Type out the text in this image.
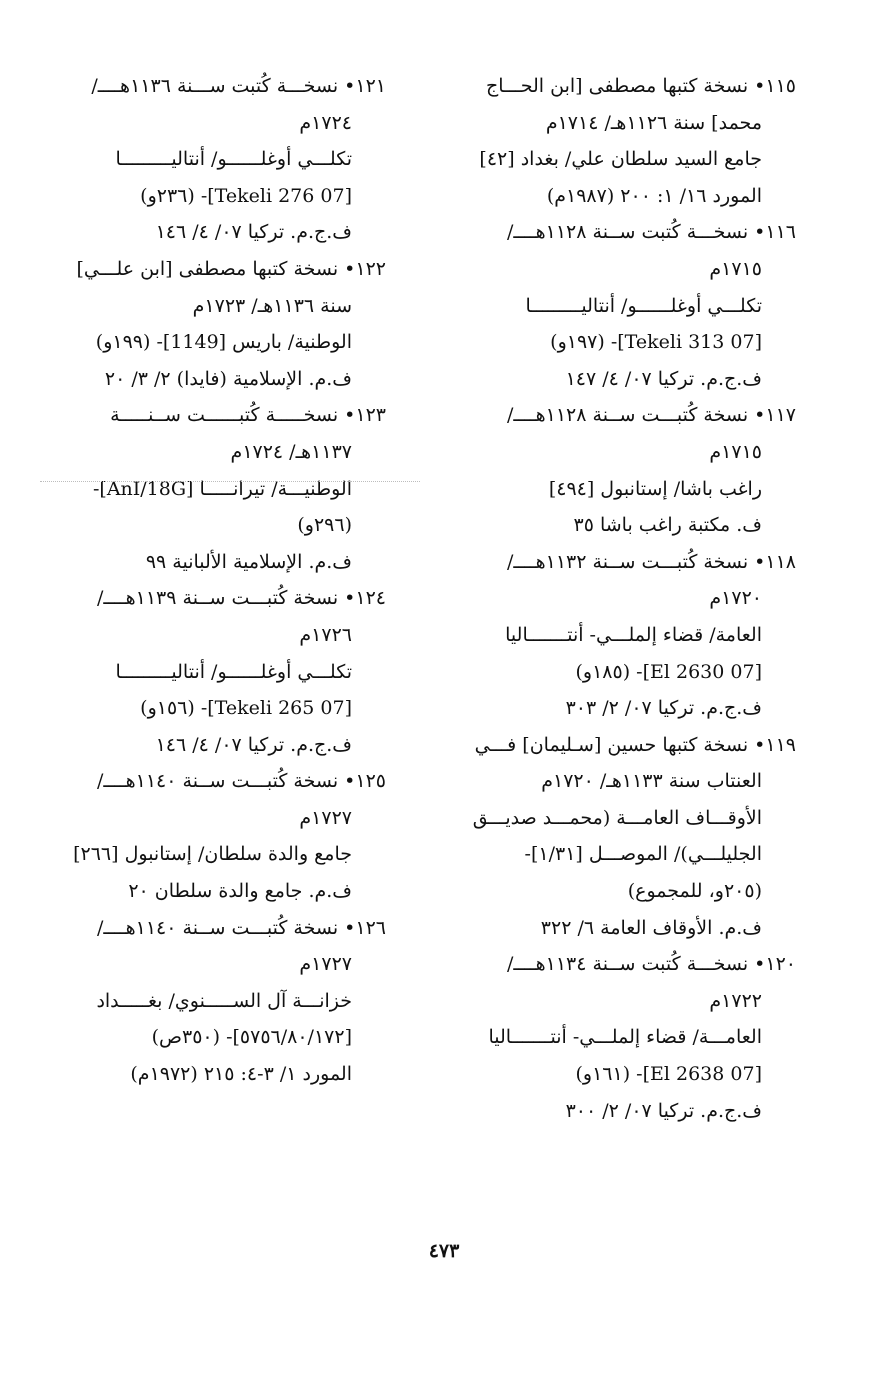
١١٥• نسخة كتبها مصطفى [ابن الحـــاج
محمد] سنة ١١٢٦هـ/ ١٧١٤م
جامع السيد سلطان علي/ بغداد [٤٢]
المورد ١٦/ ١: ٢٠٠ (١٩٨٧م)
١١٦• نسخـــة كُتبت ســنة ١١٢٨هــــ/
١٧١٥م
تكلـــي أوغلــــــو/ أنتاليـــــــــا
[07 Tekeli 313]- (١٩٧و)
ف.ج.م. تركيا ٠٧/ ٤/ ١٤٧
١١٧• نسخة كُتبـــت ســنة ١١٢٨هــــ/
١٧١٥م
راغب باشا/ إستانبول [٤٩٤]
ف. مكتبة راغب باشا ٣٥
١١٨• نسخة كُتبـــت ســنة ١١٣٢هــــ/
١٧٢٠م
العامة/ قضاء إلملـــي- أنتـــــــاليا
[07 El 2630]- (١٨٥و)
ف.ج.م. تركيا ٠٧/ ٢/ ٣٠٣
١١٩• نسخة كتبها حسين [سـليمان] فـــي
العنتاب سنة ١١٣٣هـ/ ١٧٢٠م
الأوقـــاف العامـــة (محمـــد صديـــق
الجليلـــي)/ الموصـــل [١/٣١]-
(٢٠٥و، للمجموع)
ف.م. الأوقاف العامة ٦/ ٣٢٢
١٢٠• نسخـــة كُتبت ســنة ١١٣٤هــــ/
١٧٢٢م
العامـــة/ قضاء إلملـــي- أنتـــــــاليا
[07 El 2638]- (١٦١و)
ف.ج.م. تركيا ٠٧/ ٢/ ٣٠٠
١٢١• نسخـــة كُتبت ســـنة ١١٣٦هــــ/
١٧٢٤م
تكلـــي أوغلــــــو/ أنتاليـــــــــا
[07 Tekeli 276]- (٢٣٦و)
ف.ج.م. تركيا ٠٧/ ٤/ ١٤٦
١٢٢• نسخة كتبها مصطفى [ابن علـــي]
سنة ١١٣٦هـ/ ١٧٢٣م
الوطنية/ باريس [1149]- (١٩٩و)
ف.م. الإسلامية (فايدا) ٢/ ٣/ ٢٠
١٢٣• نسخـــــة كُتبــــــت ســنـــــة
١١٣٧هـ/ ١٧٢٤م
الوطنيـــة/ تيرانـــــا [AnI/18G]-
(٢٩٦و)
ف.م. الإسلامية الألبانية ٩٩
١٢٤• نسخة كُتبـــت ســنة ١١٣٩هــــ/
١٧٢٦م
تكلـــي أوغلــــــو/ أنتاليـــــــــا
[07 Tekeli 265]- (١٥٦و)
ف.ج.م. تركيا ٠٧/ ٤/ ١٤٦
١٢٥• نسخة كُتبـــت ســنة ١١٤٠هــــ/
١٧٢٧م
جامع والدة سلطان/ إستانبول [٢٦٦]
ف.م. جامع والدة سلطان ٢٠
١٢٦• نسخة كُتبـــت ســنة ١١٤٠هــــ/
١٧٢٧م
خزانـــة آل الســـــنوي/ بغـــــداد
[٥٧٥٦/٨٠/١٧٢]- (٣٥٠ص)
المورد ١/ ٣-٤: ٢١٥ (١٩٧٢م)
٤٧٣
